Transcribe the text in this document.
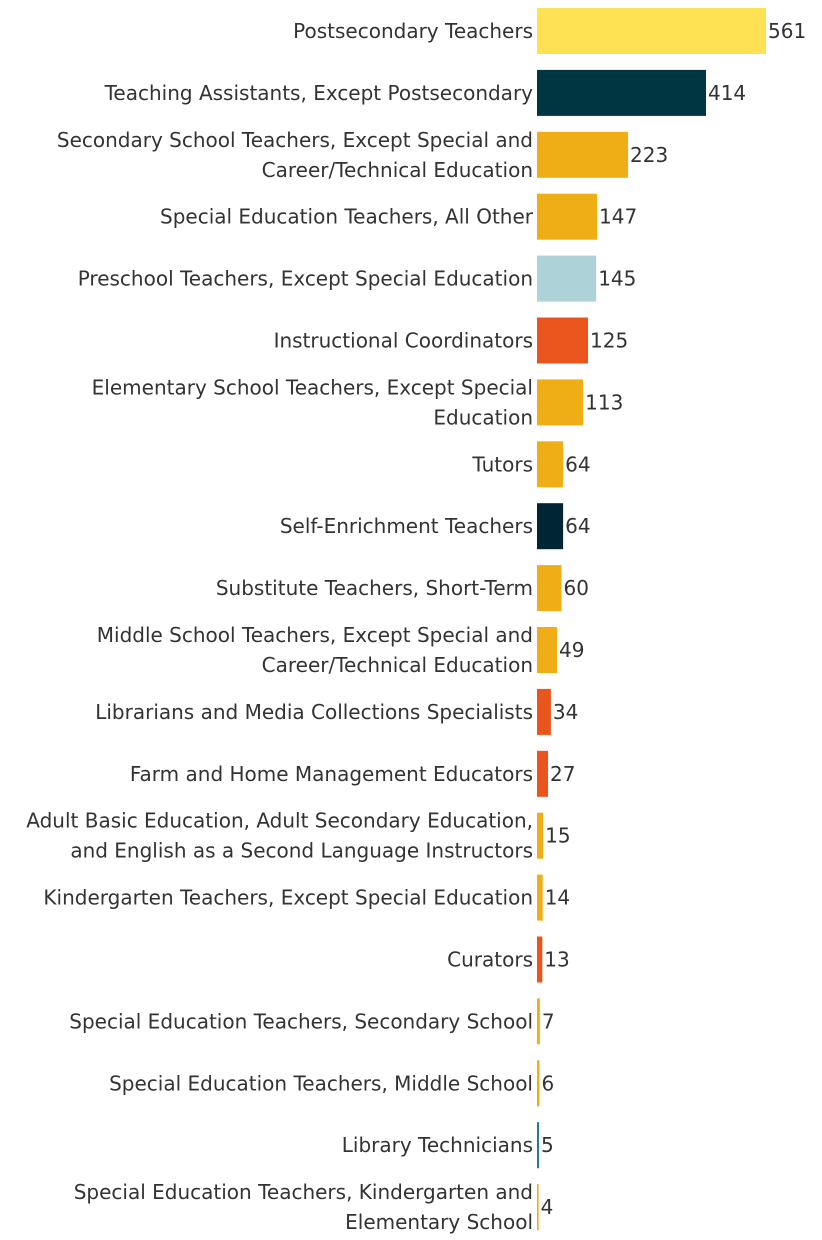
561
Postsecondary Teachers
414
Teaching Assistants, Except Postsecondary
223
Secondary School Teachers, Except Special and
Career/Technical Education
147
Special Education Teachers, All Other
145
Preschool Teachers, Except Special Education
125
Instructional Coordinators
113
Elementary School Teachers, Except Special
Education
64
Tutors
64
Self-Enrichment Teachers
60
Substitute Teachers, Short-Term
49
Middle School Teachers, Except Special and
Career/Technical Education
34
Librarians and Media Collections Specialists
27
Farm and Home Management Educators
15
Adult Basic Education, Adult Secondary Education,
and English as a Second Language Instructors
14
Kindergarten Teachers, Except Special Education
13
Curators
7
Special Education Teachers, Secondary School
6
Special Education Teachers, Middle School
5
Library Technicians
4
Special Education Teachers, Kindergarten and
Elementary School
